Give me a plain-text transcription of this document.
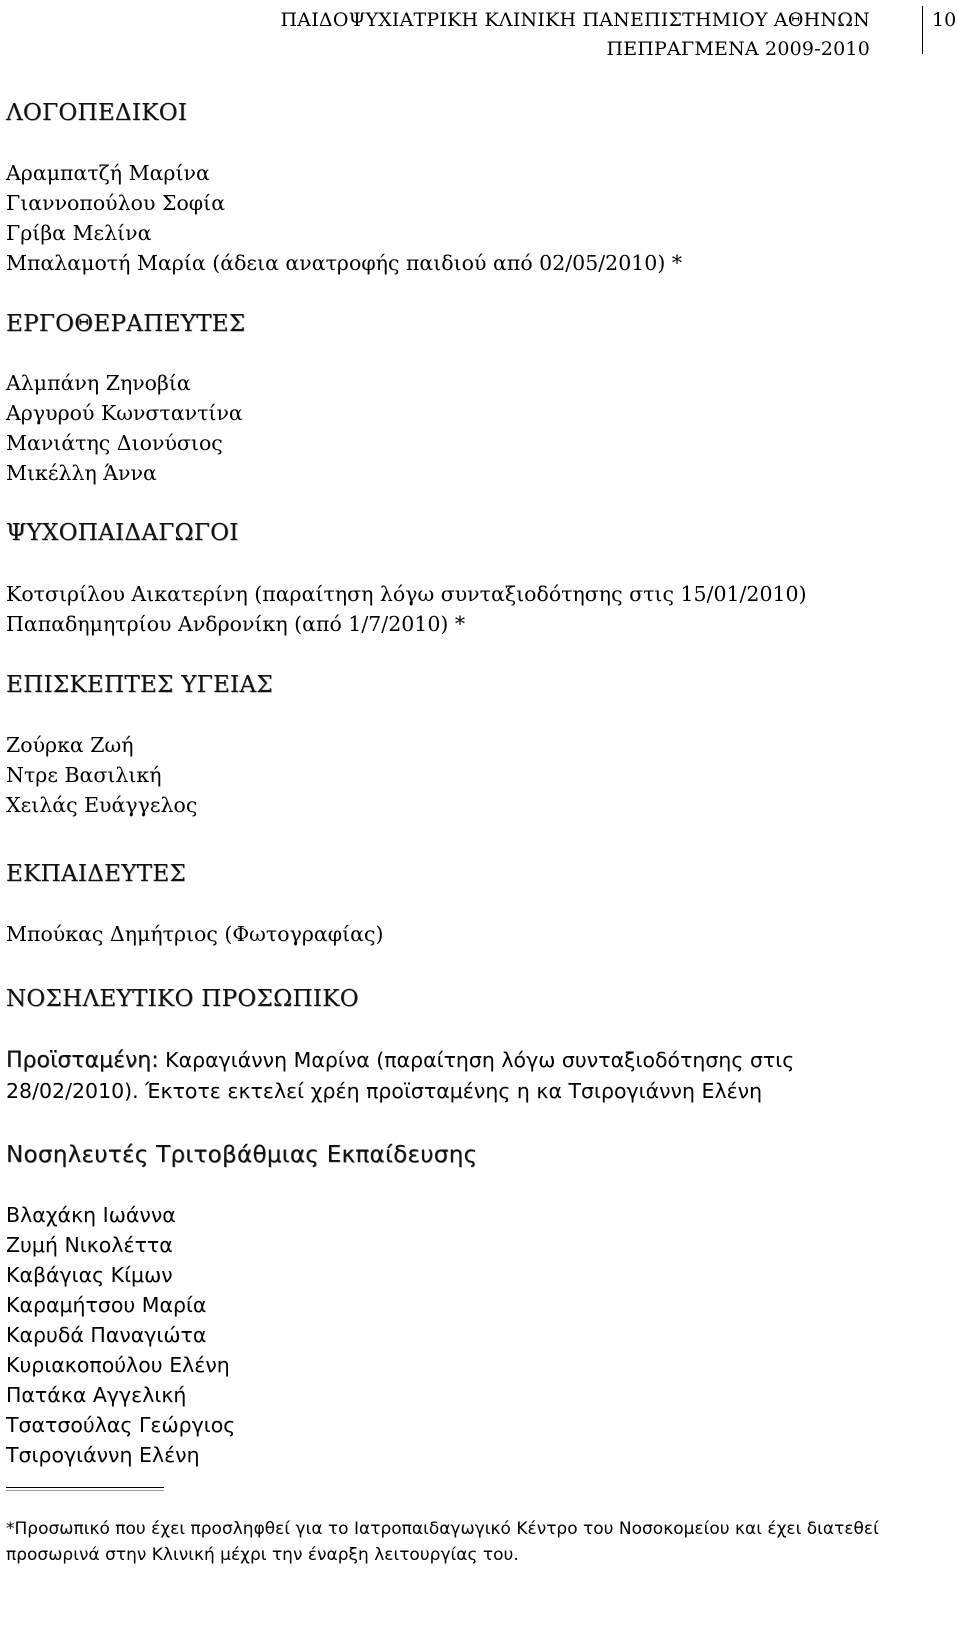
ΠΑΙΔΟΨΥΧΙΑΤΡΙΚΗ ΚΛΙΝΙΚΗ ΠΑΝΕΠΙΣΤΗΜΙΟΥ ΑΘΗΝΩΝ
ΠΕΠΡΑΓΜΕΝΑ 2009-2010
10
ΛΟΓΟΠΕΔΙΚΟΙ
Αραμπατζή Μαρίνα
Γιαννοπούλου Σοφία
Γρίβα Μελίνα
Μπαλαμοτή Μαρία (άδεια ανατροφής παιδιού από 02/05/2010) *
ΕΡΓΟΘΕΡΑΠΕΥΤΕΣ
Αλμπάνη Ζηνοβία
Αργυρού Κωνσταντίνα
Μανιάτης Διονύσιος
Μικέλλη Άννα
ΨΥΧΟΠΑΙΔΑΓΩΓΟΙ
Κοτσιρίλου Αικατερίνη (παραίτηση λόγω συνταξιοδότησης στις 15/01/2010)
Παπαδημητρίου Ανδρονίκη (από 1/7/2010) *
ΕΠΙΣΚΕΠΤΕΣ ΥΓΕΙΑΣ
Ζούρκα Ζωή
Ντρε Βασιλική
Χειλάς Ευάγγελος
ΕΚΠΑΙΔΕΥΤΕΣ
Μπούκας Δημήτριος (Φωτογραφίας)
ΝΟΣΗΛΕΥΤΙΚΟ ΠΡΟΣΩΠΙΚΟ
Προϊσταμένη: Καραγιάννη Μαρίνα (παραίτηση λόγω συνταξιοδότησης στις 28/02/2010). Έκτοτε εκτελεί χρέη προϊσταμένης η κα Τσιρογιάννη Ελένη
Νοσηλευτές Τριτοβάθμιας Εκπαίδευσης
Βλαχάκη Ιωάννα
Ζυμή Νικολέττα
Καβάγιας Κίμων
Καραμήτσου Μαρία
Καρυδά Παναγιώτα
Κυριακοπούλου Ελένη
Πατάκα Αγγελική
Τσατσούλας Γεώργιος
Τσιρογιάννη Ελένη
*Προσωπικό που έχει προσληφθεί για το Ιατροπαιδαγωγικό Κέντρο του Νοσοκομείου και έχει διατεθεί προσωρινά στην Κλινική μέχρι την έναρξη λειτουργίας του.
